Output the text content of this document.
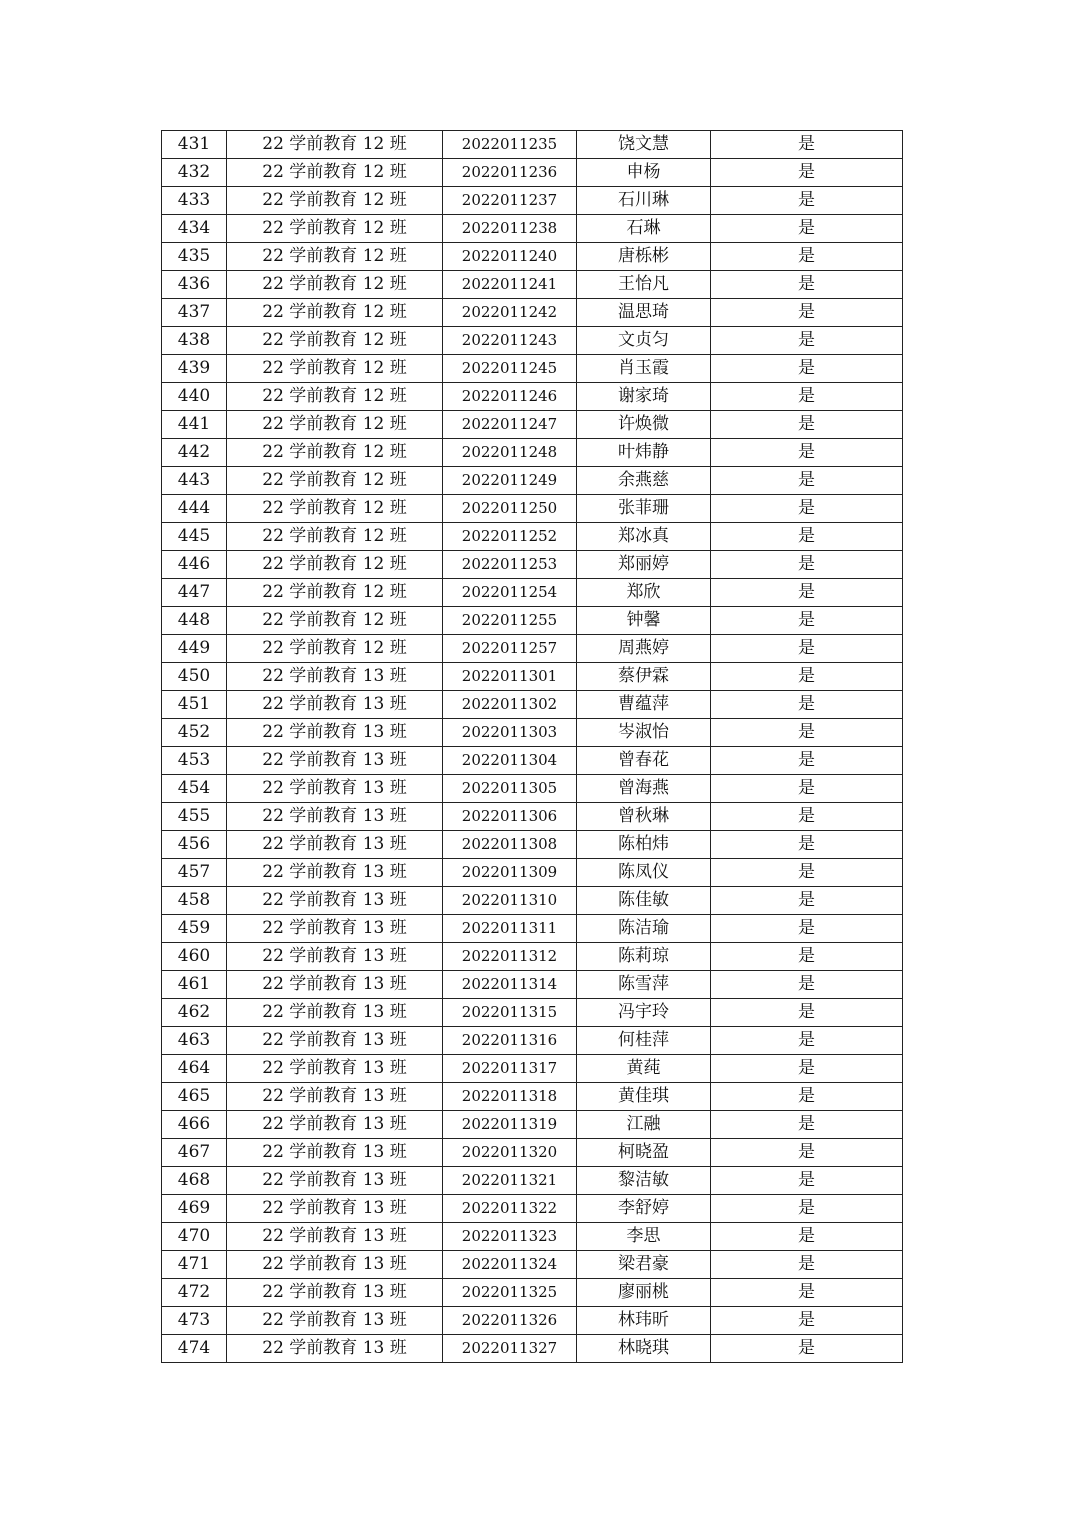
431	22 学前教育 12 班	2022011235	饶文慧	是
432	22 学前教育 12 班	2022011236	申杨	是
433	22 学前教育 12 班	2022011237	石川琳	是
434	22 学前教育 12 班	2022011238	石琳	是
435	22 学前教育 12 班	2022011240	唐栎彬	是
436	22 学前教育 12 班	2022011241	王怡凡	是
437	22 学前教育 12 班	2022011242	温思琦	是
438	22 学前教育 12 班	2022011243	文贞匀	是
439	22 学前教育 12 班	2022011245	肖玉霞	是
440	22 学前教育 12 班	2022011246	谢家琦	是
441	22 学前教育 12 班	2022011247	许焕微	是
442	22 学前教育 12 班	2022011248	叶炜静	是
443	22 学前教育 12 班	2022011249	余燕慈	是
444	22 学前教育 12 班	2022011250	张菲珊	是
445	22 学前教育 12 班	2022011252	郑冰真	是
446	22 学前教育 12 班	2022011253	郑丽婷	是
447	22 学前教育 12 班	2022011254	郑欣	是
448	22 学前教育 12 班	2022011255	钟馨	是
449	22 学前教育 12 班	2022011257	周燕婷	是
450	22 学前教育 13 班	2022011301	蔡伊霖	是
451	22 学前教育 13 班	2022011302	曹蕴萍	是
452	22 学前教育 13 班	2022011303	岑淑怡	是
453	22 学前教育 13 班	2022011304	曾春花	是
454	22 学前教育 13 班	2022011305	曾海燕	是
455	22 学前教育 13 班	2022011306	曾秋琳	是
456	22 学前教育 13 班	2022011308	陈柏炜	是
457	22 学前教育 13 班	2022011309	陈凤仪	是
458	22 学前教育 13 班	2022011310	陈佳敏	是
459	22 学前教育 13 班	2022011311	陈洁瑜	是
460	22 学前教育 13 班	2022011312	陈莉琼	是
461	22 学前教育 13 班	2022011314	陈雪萍	是
462	22 学前教育 13 班	2022011315	冯宇玲	是
463	22 学前教育 13 班	2022011316	何桂萍	是
464	22 学前教育 13 班	2022011317	黄莼	是
465	22 学前教育 13 班	2022011318	黄佳琪	是
466	22 学前教育 13 班	2022011319	江融	是
467	22 学前教育 13 班	2022011320	柯晓盈	是
468	22 学前教育 13 班	2022011321	黎洁敏	是
469	22 学前教育 13 班	2022011322	李舒婷	是
470	22 学前教育 13 班	2022011323	李思	是
471	22 学前教育 13 班	2022011324	梁君豪	是
472	22 学前教育 13 班	2022011325	廖丽桃	是
473	22 学前教育 13 班	2022011326	林玮昕	是
474	22 学前教育 13 班	2022011327	林晓琪	是
